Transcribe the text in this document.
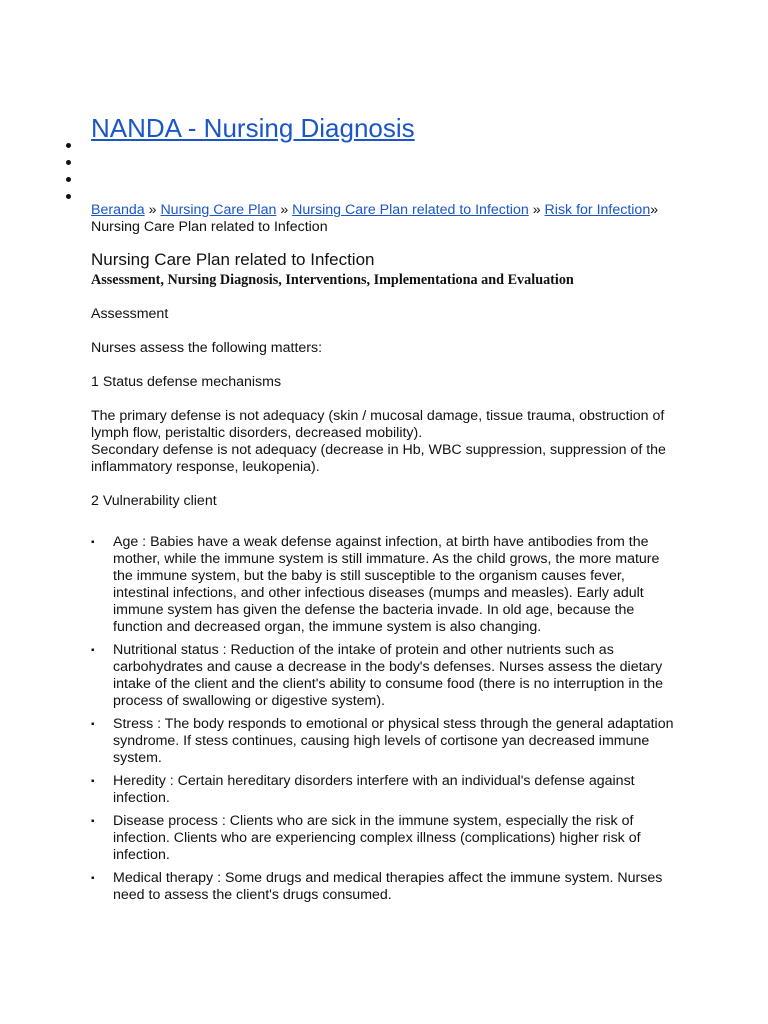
NANDA - Nursing Diagnosis
Beranda » Nursing Care Plan » Nursing Care Plan related to Infection » Risk for Infection» Nursing Care Plan related to Infection
Nursing Care Plan related to Infection
Assessment, Nursing Diagnosis, Interventions, Implementationa and Evaluation

Assessment

Nurses assess the following matters:

1 Status defense mechanisms

The primary defense is not adequacy (skin / mucosal damage, tissue trauma, obstruction of lymph flow, peristaltic disorders, decreased mobility).

Secondary defense is not adequacy (decrease in Hb, WBC suppression, suppression of the inflammatory response, leukopenia).

2 Vulnerability client

▪ Age : Babies have a weak defense against infection, at birth have antibodies from the mother, while the immune system is still immature. As the child grows, the more mature the immune system, but the baby is still susceptible to the organism causes fever, intestinal infections, and other infectious diseases (mumps and measles). Early adult immune system has given the defense the bacteria invade. In old age, because the function and decreased organ, the immune system is also changing.
▪ Nutritional status : Reduction of the intake of protein and other nutrients such as carbohydrates and cause a decrease in the body's defenses. Nurses assess the dietary intake of the client and the client's ability to consume food (there is no interruption in the process of swallowing or digestive system).
▪ Stress : The body responds to emotional or physical stess through the general adaptation syndrome. If stess continues, causing high levels of cortisone yan decreased immune system.
▪ Heredity : Certain hereditary disorders interfere with an individual's defense against infection.
▪ Disease process : Clients who are sick in the immune system, especially the risk of infection. Clients who are experiencing complex illness (complications) higher risk of infection.
▪ Medical therapy : Some drugs and medical therapies affect the immune system. Nurses need to assess the client's drugs consumed.
